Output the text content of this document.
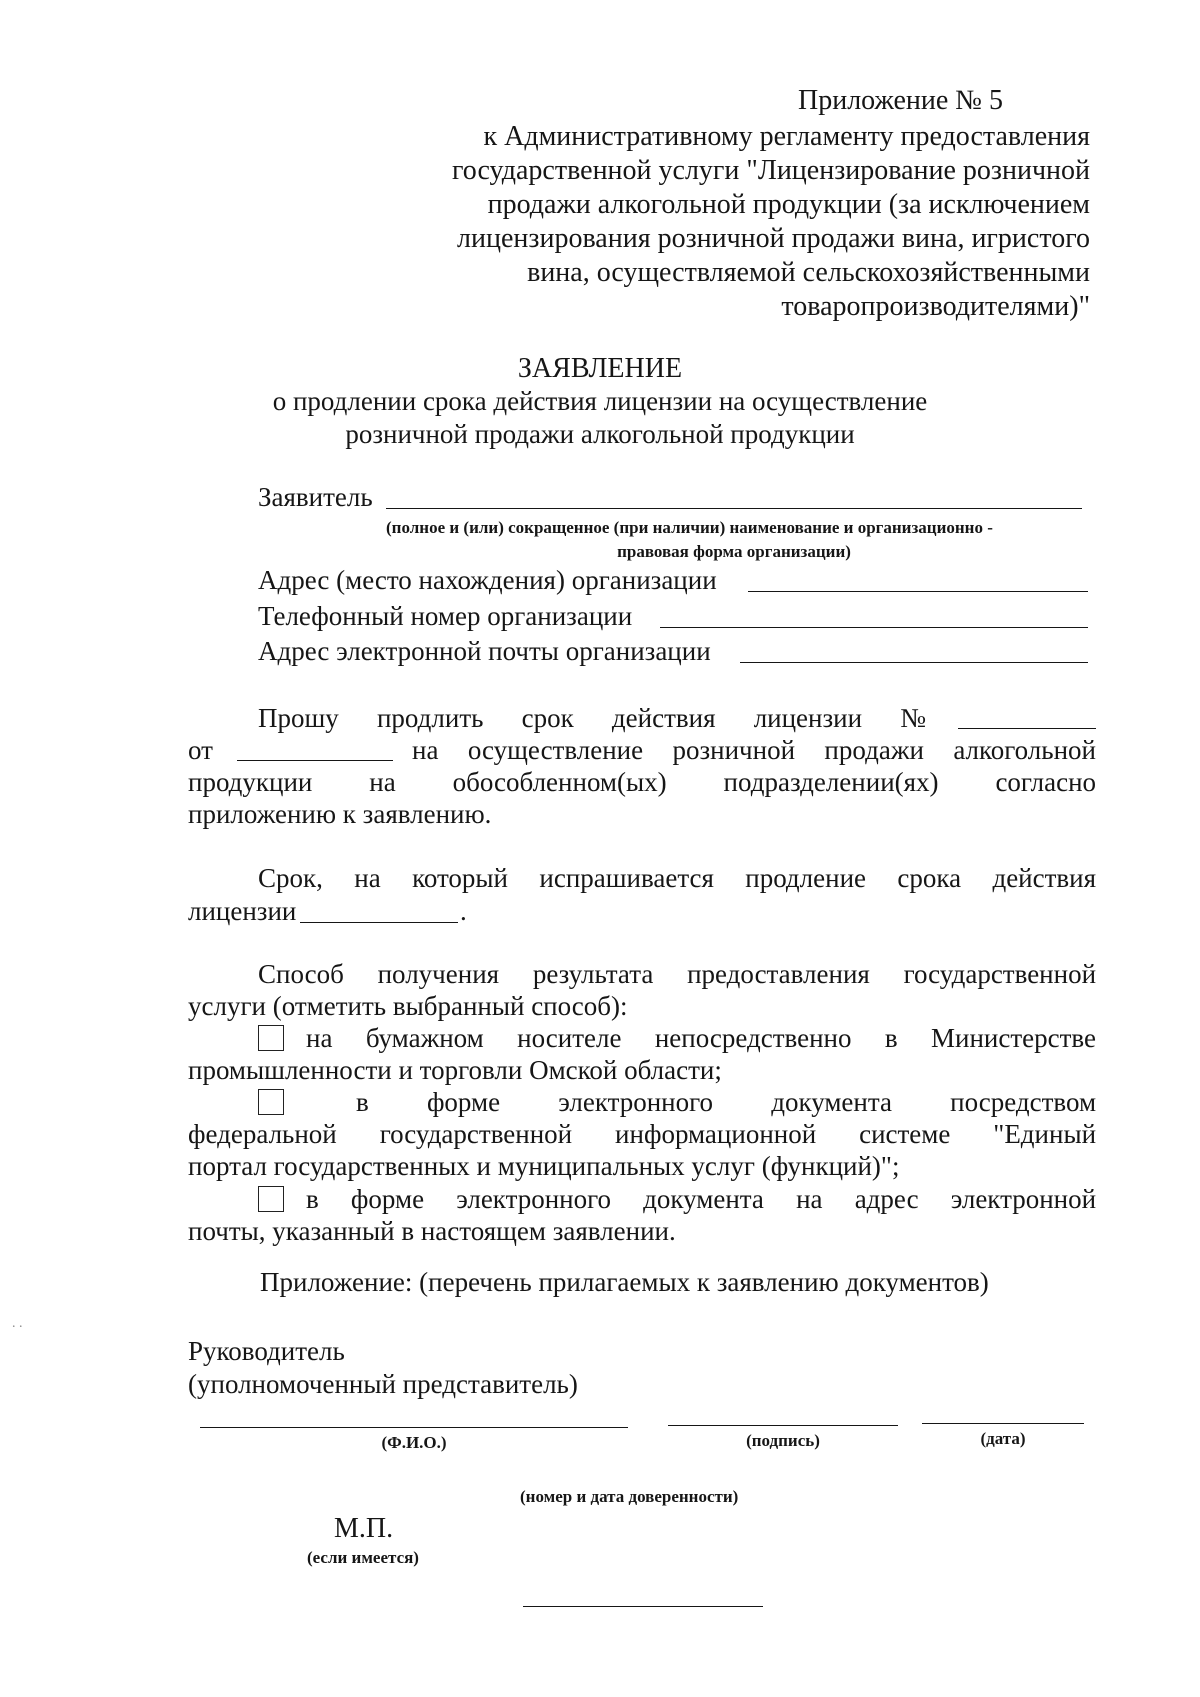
Приложение № 5
к Административному регламенту предоставления
государственной услуги "Лицензирование розничной
продажи алкогольной продукции (за исключением
лицензирования розничной продажи вина, игристого
вина, осуществляемой сельскохозяйственными
товаропроизводителями)"
ЗАЯВЛЕНИЕ
о продлении срока действия лицензии на осуществление
розничной продажи алкогольной продукции
Заявитель
(полное и (или) сокращенное (при наличии) наименование и организационно -
правовая форма организации)
Адрес (место нахождения) организации
Телефонный номер организации
Адрес электронной почты организации
Прошу продлить срок действия лицензии №
от	на осуществление розничной продажи алкогольной
продукции на обособленном(ых) подразделении(ях) согласно
приложению к заявлению.
Срок, на который испрашивается продление срока действия
лицензии	.
Способ получения результата предоставления государственной
услуги (отметить выбранный способ):
на бумажном носителе непосредственно в Министерстве
промышленности и торговли Омской области;
в форме электронного документа посредством
федеральной государственной информационной системе "Единый
портал государственных и муниципальных услуг (функций)";
в форме электронного документа на адрес электронной
почты, указанный в настоящем заявлении.
Приложение: (перечень прилагаемых к заявлению документов)
. .
Руководитель
(уполномоченный представитель)
(Ф.И.О.)	(подпись)	(дата)
(номер и дата доверенности)
М.П.
(если имеется)
